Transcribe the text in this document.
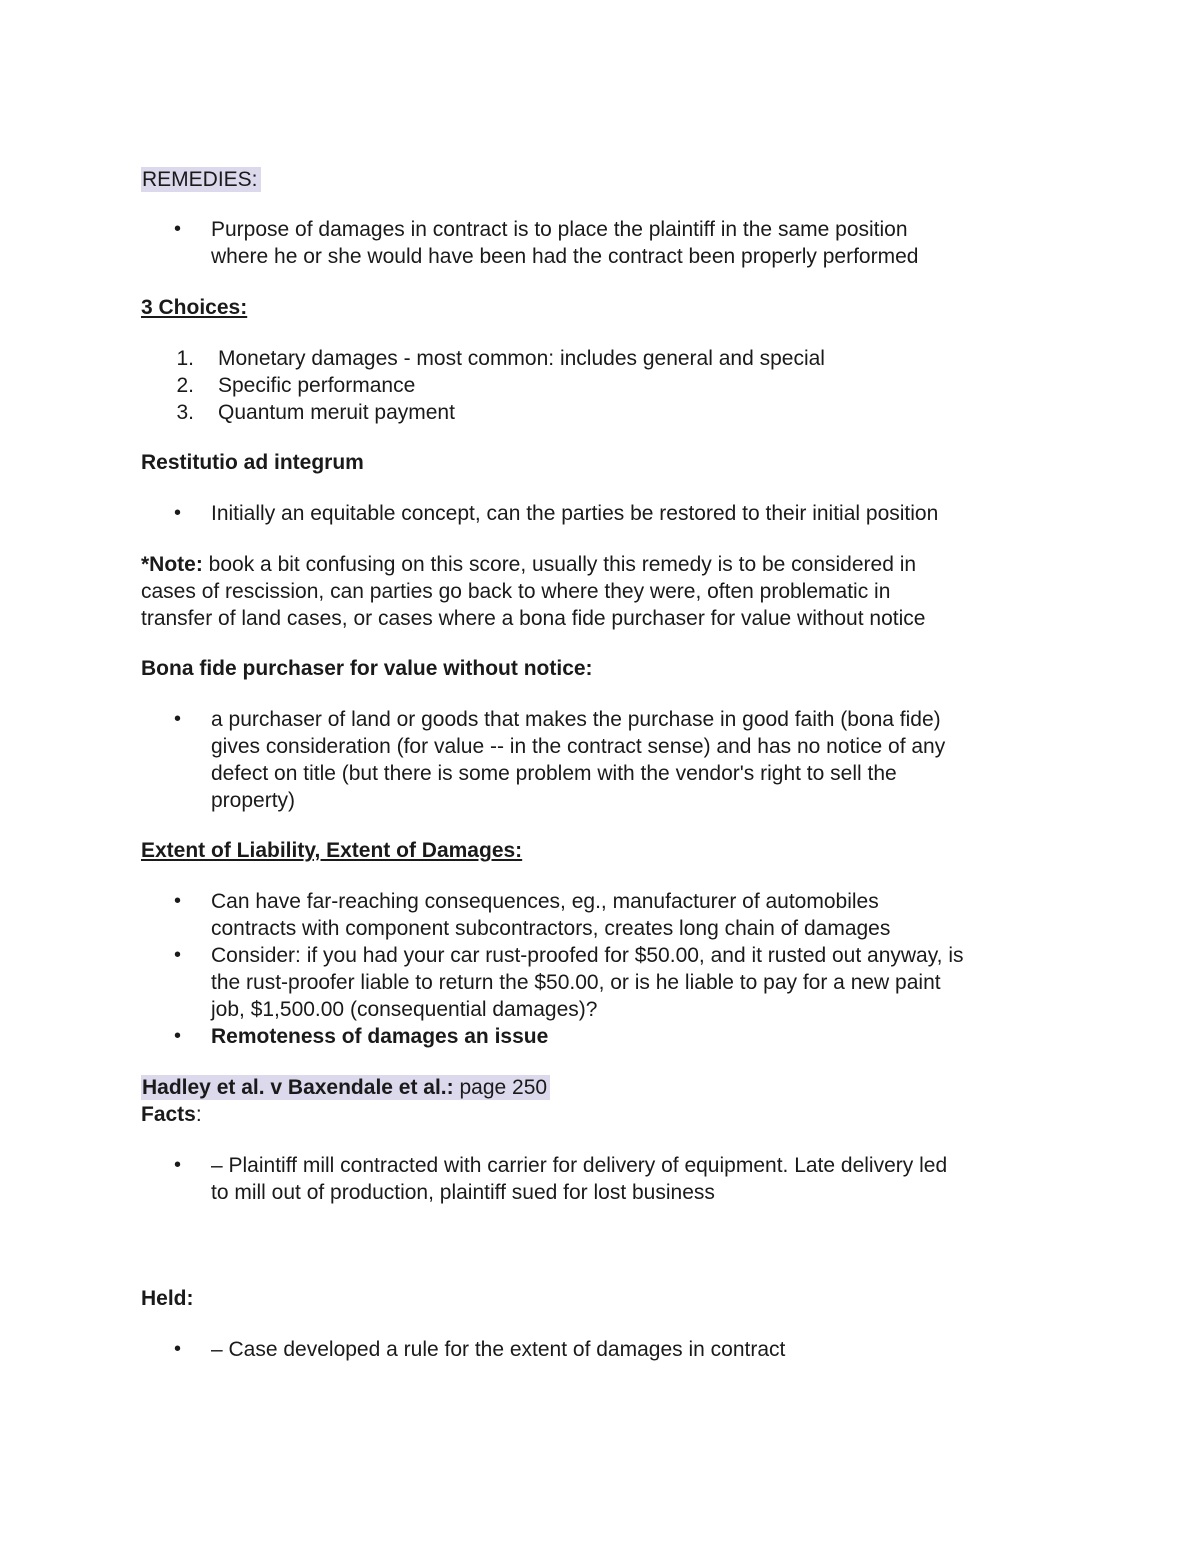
REMEDIES:
• Purpose of damages in contract is to place the plaintiff in the same position
where he or she would have been had the contract been properly performed
3 Choices:
1. Monetary damages - most common: includes general and special
2. Specific performance
3. Quantum meruit payment
Restitutio ad integrum
• Initially an equitable concept, can the parties be restored to their initial position
*Note: book a bit confusing on this score, usually this remedy is to be considered in
cases of rescission, can parties go back to where they were, often problematic in
transfer of land cases, or cases where a bona fide purchaser for value without notice
Bona fide purchaser for value without notice:
• a purchaser of land or goods that makes the purchase in good faith (bona fide)
gives consideration (for value -- in the contract sense) and has no notice of any
defect on title (but there is some problem with the vendor's right to sell the
property)
Extent of Liability, Extent of Damages:
• Can have far-reaching consequences, eg., manufacturer of automobiles
contracts with component subcontractors, creates long chain of damages
• Consider: if you had your car rust-proofed for $50.00, and it rusted out anyway, is
the rust-proofer liable to return the $50.00, or is he liable to pay for a new paint
job, $1,500.00 (consequential damages)?
• Remoteness of damages an issue
Hadley et al. v Baxendale et al.: page 250
Facts:
• – Plaintiff mill contracted with carrier for delivery of equipment. Late delivery led
to mill out of production, plaintiff sued for lost business
Held:
• – Case developed a rule for the extent of damages in contract
